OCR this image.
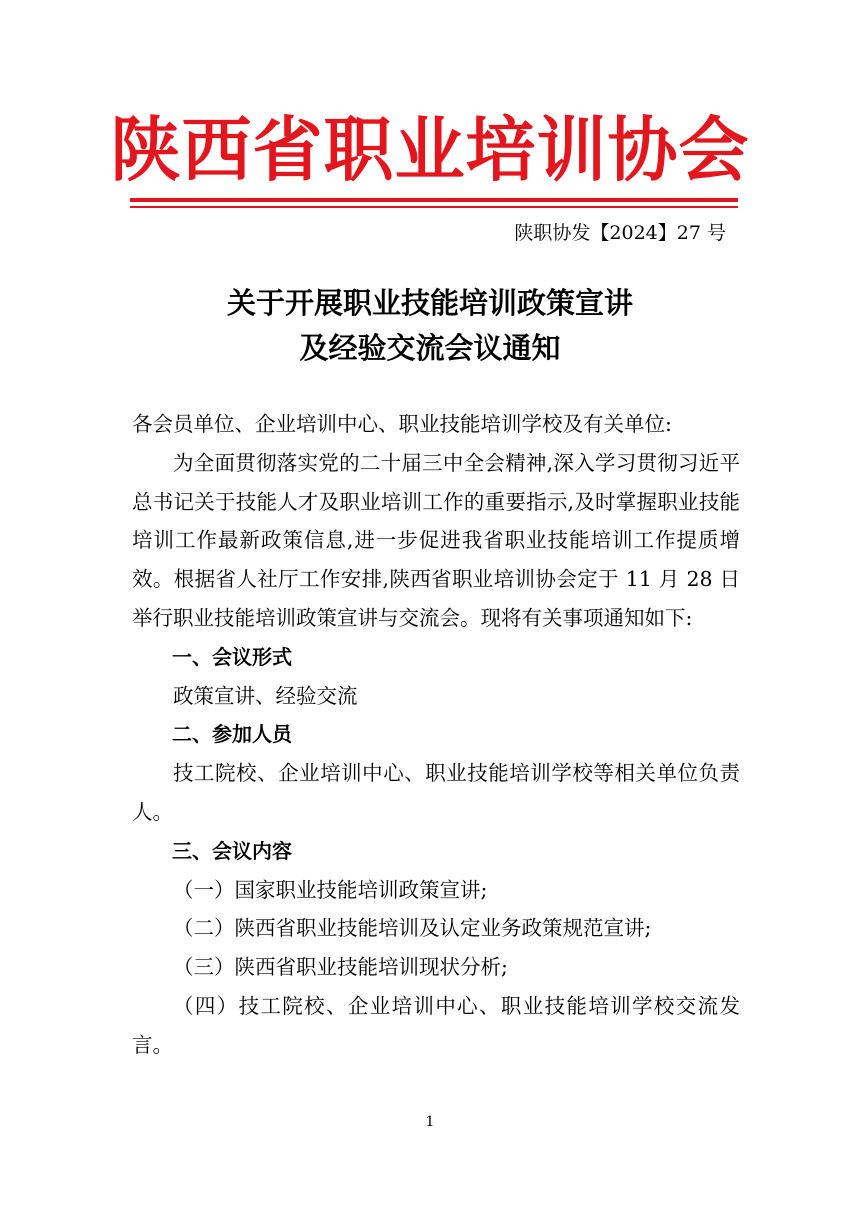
陕西省职业培训协会
陕职协发【2024】27 号
关于开展职业技能培训政策宣讲
及经验交流会议通知

各会员单位、企业培训中心、职业技能培训学校及有关单位:

为全面贯彻落实党的二十届三中全会精神,深入学习贯彻习近平总书记关于技能人才及职业培训工作的重要指示,及时掌握职业技能培训工作最新政策信息,进一步促进我省职业技能培训工作提质增效。根据省人社厅工作安排,陕西省职业培训协会定于 11 月 28 日举行职业技能培训政策宣讲与交流会。现将有关事项通知如下:

一、会议形式

政策宣讲、经验交流

二、参加人员

技工院校、企业培训中心、职业技能培训学校等相关单位负责人。

三、会议内容

（一）国家职业技能培训政策宣讲;

（二）陕西省职业技能培训及认定业务政策规范宣讲;

（三）陕西省职业技能培训现状分析;

（四）技工院校、企业培训中心、职业技能培训学校交流发言。

1
